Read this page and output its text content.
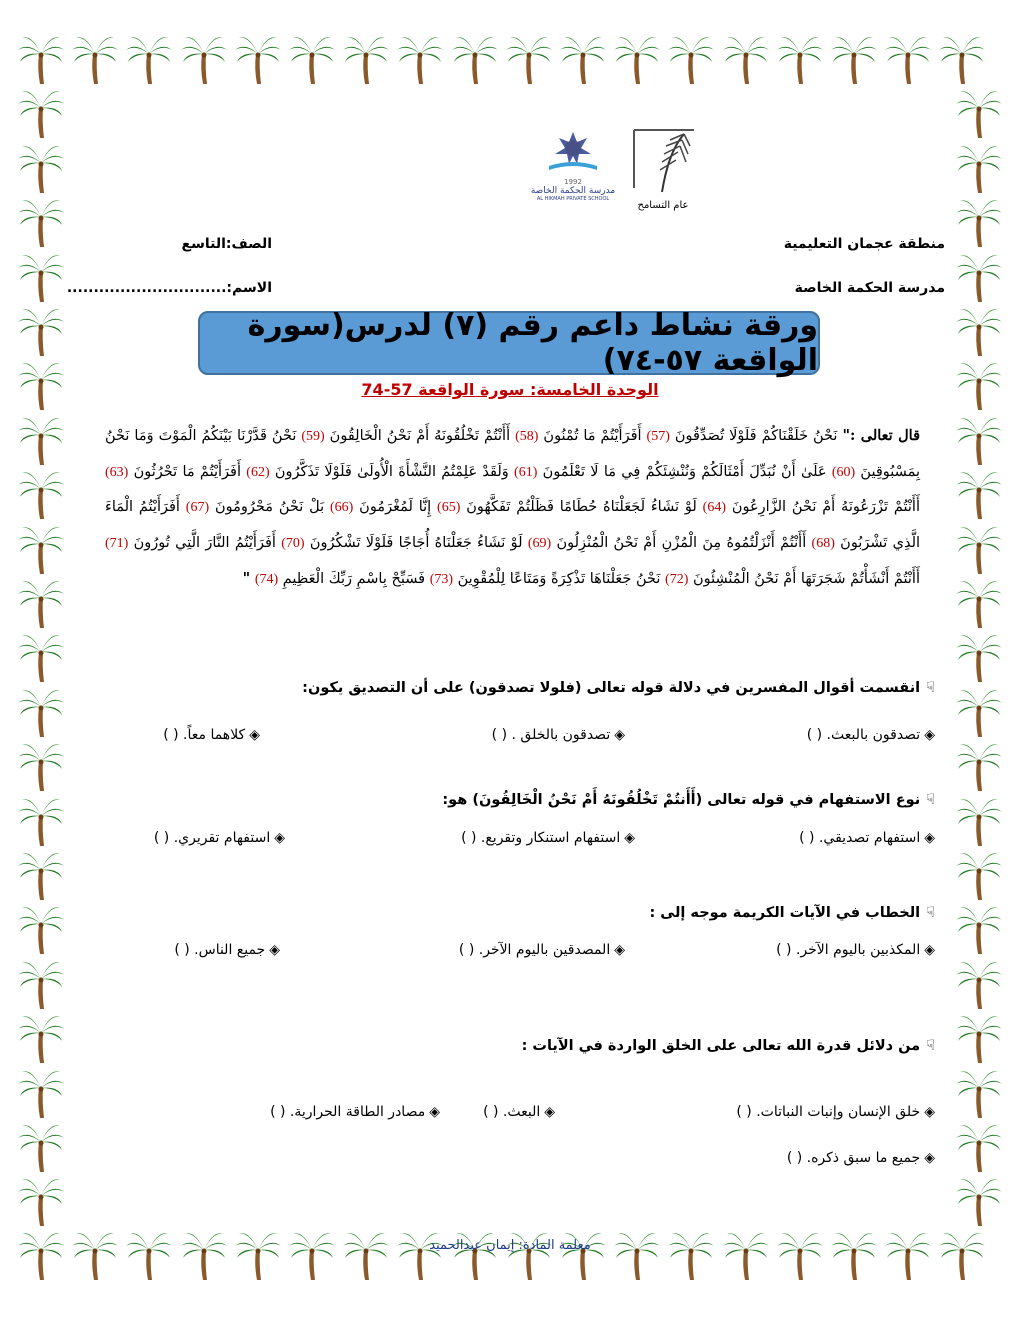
عام التسامح
1992
مدرسة الحكمة الخاصة
AL HIKMAH PRIVATE SCHOOL
منطقة عجمان التعليمية
الصف:التاسع
مدرسة الحكمة الخاصة
الاسم:..............................
ورقة نشاط داعم رقم (٧) لدرس(سورة الواقعة ٥٧-٧٤)
الوحدة الخامسة: سورة الواقعة 57-74
قال تعالى :" نَحْنُ خَلَقْنَاكُمْ فَلَوْلَا تُصَدِّقُونَ (57) أَفَرَأَيْتُمْ مَا تُمْنُونَ (58) أَأَنْتُمْ تَخْلُقُونَهُ أَمْ نَحْنُ الْخَالِقُونَ (59) نَحْنُ قَدَّرْنَا بَيْنَكُمُ الْمَوْتَ وَمَا نَحْنُ بِمَسْبُوقِينَ (60) عَلَىٰ أَنْ نُبَدِّلَ أَمْثَالَكُمْ وَنُنْشِئَكُمْ فِي مَا لَا تَعْلَمُونَ (61) وَلَقَدْ عَلِمْتُمُ النَّشْأَةَ الْأُولَىٰ فَلَوْلَا تَذَكَّرُونَ (62) أَفَرَأَيْتُمْ مَا تَحْرُثُونَ (63) أَأَنْتُمْ تَزْرَعُونَهُ أَمْ نَحْنُ الزَّارِعُونَ (64) لَوْ نَشَاءُ لَجَعَلْنَاهُ حُطَامًا فَظَلْتُمْ تَفَكَّهُونَ (65) إِنَّا لَمُغْرَمُونَ (66) بَلْ نَحْنُ مَحْرُومُونَ (67) أَفَرَأَيْتُمُ الْمَاءَ الَّذِي تَشْرَبُونَ (68) أَأَنْتُمْ أَنْزَلْتُمُوهُ مِنَ الْمُزْنِ أَمْ نَحْنُ الْمُنْزِلُونَ (69) لَوْ نَشَاءُ جَعَلْنَاهُ أُجَاجًا فَلَوْلَا تَشْكُرُونَ (70) أَفَرَأَيْتُمُ النَّارَ الَّتِي تُورُونَ (71) أَأَنْتُمْ أَنْشَأْتُمْ شَجَرَتَهَا أَمْ نَحْنُ الْمُنْشِئُونَ (72) نَحْنُ جَعَلْنَاهَا تَذْكِرَةً وَمَتَاعًا لِلْمُقْوِينَ (73) فَسَبِّحْ بِاسْمِ رَبِّكَ الْعَظِيمِ (74) "
☟انقسمت أقوال المفسرين في دلالة قوله تعالى (فلولا تصدقون) على أن التصديق يكون:
◈تصدقون بالبعث. ( )
◈تصدقون بالخلق . ( )
◈كلاهما معاً. ( )
☟نوع الاستفهام في قوله تعالى (أَأَنتُمْ تَخْلُقُونَهُ أَمْ نَحْنُ الْخَالِقُونَ) هو:
◈استفهام تصديقي. ( )
◈استفهام استنكار وتقريع. ( )
◈استفهام تقريري. ( )
☟الخطاب في الآيات الكريمة موجه إلى :
◈المكذبين باليوم الآخر. ( )
◈المصدقين باليوم الآخر. ( )
◈جميع الناس. ( )
☟من دلائل قدرة الله تعالى على الخلق الواردة في الآيات :
◈خلق الإنسان وإنبات النباتات. ( )
◈البعث. ( )
◈مصادر الطاقة الحرارية. ( )
◈جميع ما سبق ذكره. ( )
معلمة المادة: إيمان عبدالحميد
